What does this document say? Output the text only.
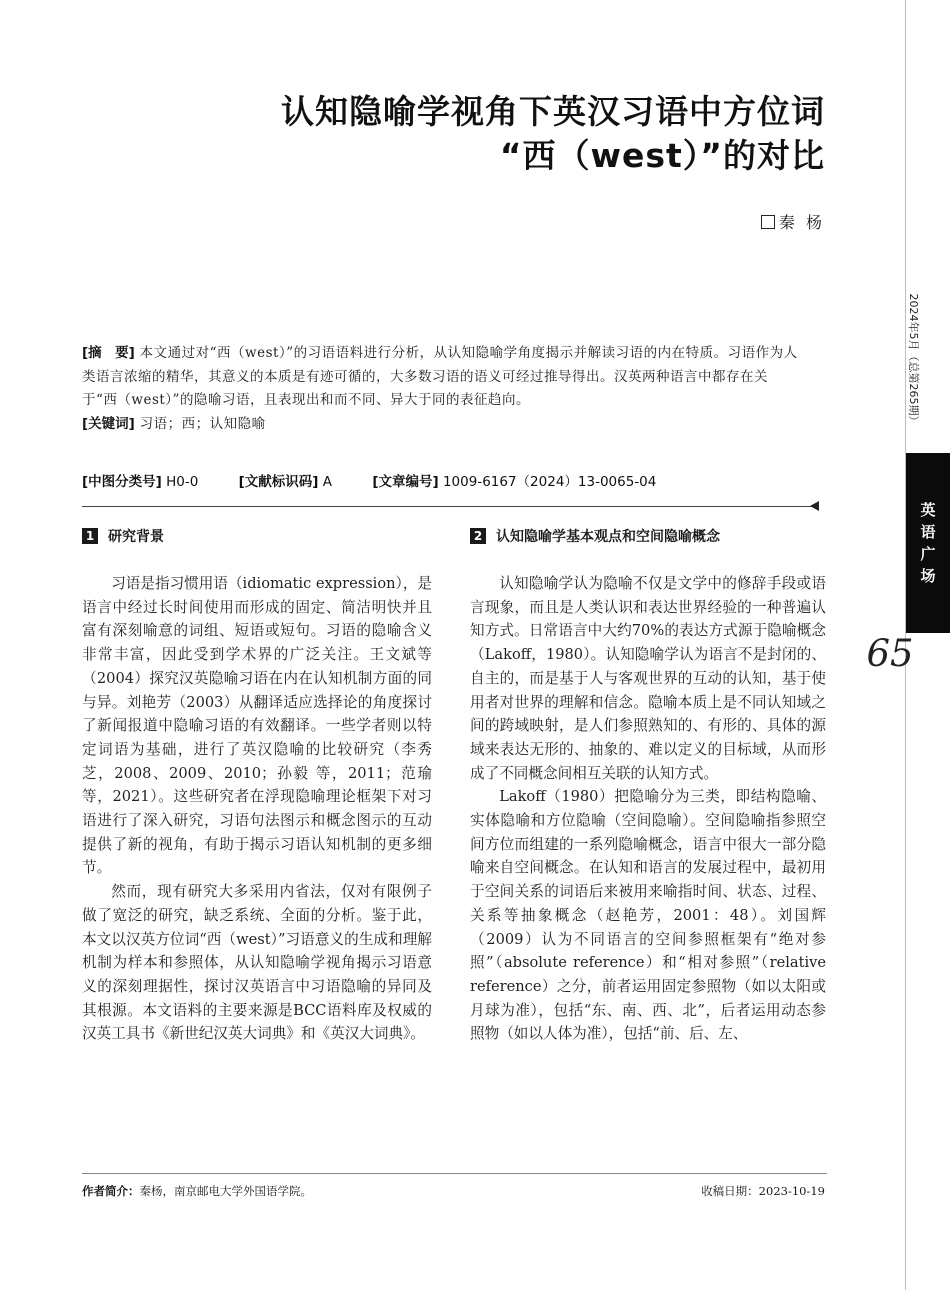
认知隐喻学视角下英汉习语中方位词
“西（west）”的对比
秦 杨
2024年5月（总第265期）
英语广场
65
[摘　要] 本文通过对“西（west）”的习语语料进行分析，从认知隐喻学角度揭示并解读习语的内在特质。习语作为人类语言浓缩的精华，其意义的本质是有迹可循的，大多数习语的语义可经过推导得出。汉英两种语言中都存在关于“西（west）”的隐喻习语，且表现出和而不同、异大于同的表征趋向。
[关键词] 习语；西；认知隐喻
[中图分类号] H0-0	[文献标识码] A	[文章编号] 1009-6167（2024）13-0065-04
1 研究背景	2 认知隐喻学基本观点和空间隐喻概念

习语是指习惯用语（idiomatic expression），是语言中经过长时间使用而形成的固定、简洁明快并且富有深刻喻意的词组、短语或短句。习语的隐喻含义非常丰富，因此受到学术界的广泛关注。王文斌等（2004）探究汉英隐喻习语在内在认知机制方面的同与异。刘艳芳（2003）从翻译适应选择论的角度探讨了新闻报道中隐喻习语的有效翻译。一些学者则以特定词语为基础，进行了英汉隐喻的比较研究（李秀芝，2008、2009、2010；孙毅 等，2011；范瑜 等，2021）。这些研究者在浮现隐喻理论框架下对习语进行了深入研究，习语句法图示和概念图示的互动提供了新的视角，有助于揭示习语认知机制的更多细节。

然而，现有研究大多采用内省法，仅对有限例子做了宽泛的研究，缺乏系统、全面的分析。鉴于此，本文以汉英方位词“西（west）”习语意义的生成和理解机制为样本和参照体，从认知隐喻学视角揭示习语意义的深刻理据性，探讨汉英语言中习语隐喻的异同及其根源。本文语料的主要来源是BCC语料库及权威的汉英工具书《新世纪汉英大词典》和《英汉大词典》。

认知隐喻学认为隐喻不仅是文学中的修辞手段或语言现象，而且是人类认识和表达世界经验的一种普遍认知方式。日常语言中大约70%的表达方式源于隐喻概念（Lakoff，1980）。认知隐喻学认为语言不是封闭的、自主的，而是基于人与客观世界的互动的认知，基于使用者对世界的理解和信念。隐喻本质上是不同认知域之间的跨域映射，是人们参照熟知的、有形的、具体的源域来表达无形的、抽象的、难以定义的目标域，从而形成了不同概念间相互关联的认知方式。

Lakoff（1980）把隐喻分为三类，即结构隐喻、实体隐喻和方位隐喻（空间隐喻）。空间隐喻指参照空间方位而组建的一系列隐喻概念，语言中很大一部分隐喻来自空间概念。在认知和语言的发展过程中，最初用于空间关系的词语后来被用来喻指时间、状态、过程、关系等抽象概念（赵艳芳，2001：48）。刘国辉（2009）认为不同语言的空间参照框架有“绝对参照”（absolute reference）和“相对参照”（relative reference）之分，前者运用固定参照物（如以太阳或月球为准），包括“东、南、西、北”，后者运用动态参照物（如以人体为准），包括“前、后、左、

作者简介：秦杨，南京邮电大学外国语学院。	收稿日期：2023-10-19
